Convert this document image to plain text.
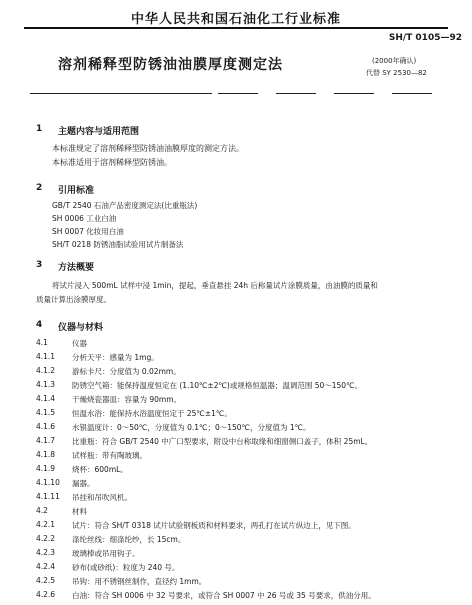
中华人民共和国石油化工行业标准
SH/T 0105—92
溶剂稀释型防锈油油膜厚度测定法	(2000年确认)
代替 SY 2530—82
1 主题内容与适用范围
本标准规定了溶剂稀释型防锈油油膜厚度的测定方法。
本标准适用于溶剂稀释型防锈油。
2 引用标准
GB/T 2540 石油产品密度测定法(比重瓶法)
SH 0006 工业白油
SH 0007 化妆用白油
SH/T 0218 防锈油脂试验用试片制备法
3 方法概要
将试片浸入 500mL 试样中浸 1min，提起，垂直悬挂 24h 后称量试片涂膜质量，由油膜的质量和
质量计算出涂膜厚度。
4 仪器与材料
4.1	仪器
4.1.1 分析天平：感量为 1mg。
4.1.2 游标卡尺：分度值为 0.02mm。
4.1.3 防锈空气箱：能保持温度恒定在 (1.10℃±2℃)或规格恒温器；温调范围 50～150℃。
4.1.4 干燥烧瓷器皿：容量为 90mm。
4.1.5 恒温水浴：能保持水浴温度恒定于 25℃±1℃。
4.1.6 水银温度计：0～50℃，分度值为 0.1℃；0～150℃，分度值为 1℃。
4.1.7 比重瓶：符合 GB/T 2540 中广口型要求，附设中台称取缘和细窗侧口盖子，体积 25mL。
4.1.8 试样瓶：带有陶玻璃。
4.1.9 烧杯：600mL。
4.1.10 漏器。
4.1.11 吊挂和吊吹风机。
4.2	材料
4.2.1 试片：符合 SH/T 0318 试片试验钢板质和材料要求，两孔打在试片纵边上，见下图。
4.2.2 涤纶丝线：细涤纶纱，长 15cm。
4.2.3 玻璃棒或吊用钩子。
4.2.4 砂布(或砂纸)：粒度为 240 号。
4.2.5 吊钩：用不锈钢丝制作，直径约 1mm。
4.2.6 白油：符合 SH 0006 中 32 号要求，或符合 SH 0007 中 26 号或 35 号要求，供油分用。
